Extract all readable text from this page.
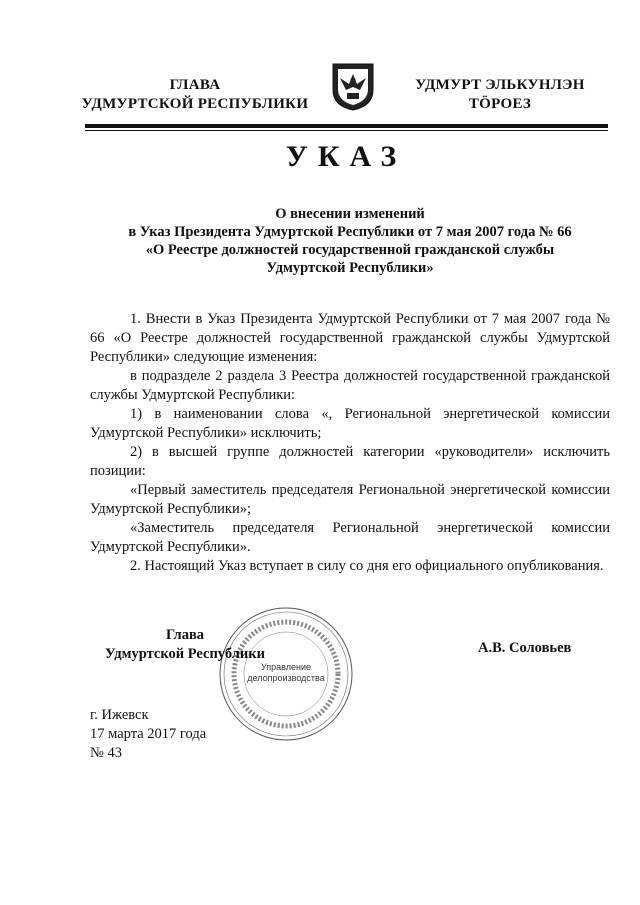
ГЛАВА
УДМУРТСКОЙ РЕСПУБЛИКИ
УДМУРТ ЭЛЬКУНЛЭН
ТӦРОЕЗ
УКАЗ
О внесении изменений
в Указ Президента Удмуртской Республики от 7 мая 2007 года № 66
«О Реестре должностей государственной гражданской службы
Удмуртской Республики»

1. Внести в Указ Президента Удмуртской Республики от 7 мая 2007 года № 66 «О Реестре должностей государственной гражданской службы Удмуртской Республики» следующие изменения:

в подразделе 2 раздела 3 Реестра должностей государственной гражданской службы Удмуртской Республики:

1) в наименовании слова «, Региональной энергетической комиссии Удмуртской Республики» исключить;

2) в высшей группе должностей категории «руководители» исключить позиции:

«Первый заместитель председателя Региональной энергетической комиссии Удмуртской Республики»;

«Заместитель председателя Региональной энергетической комиссии Удмуртской Республики».

2. Настоящий Указ вступает в силу со дня его официального опубликования.

Управление
делопроизводства
Глава
Удмуртской Республики	А.В. Соловьев
г. Ижевск
17 марта 2017 года
№ 43
